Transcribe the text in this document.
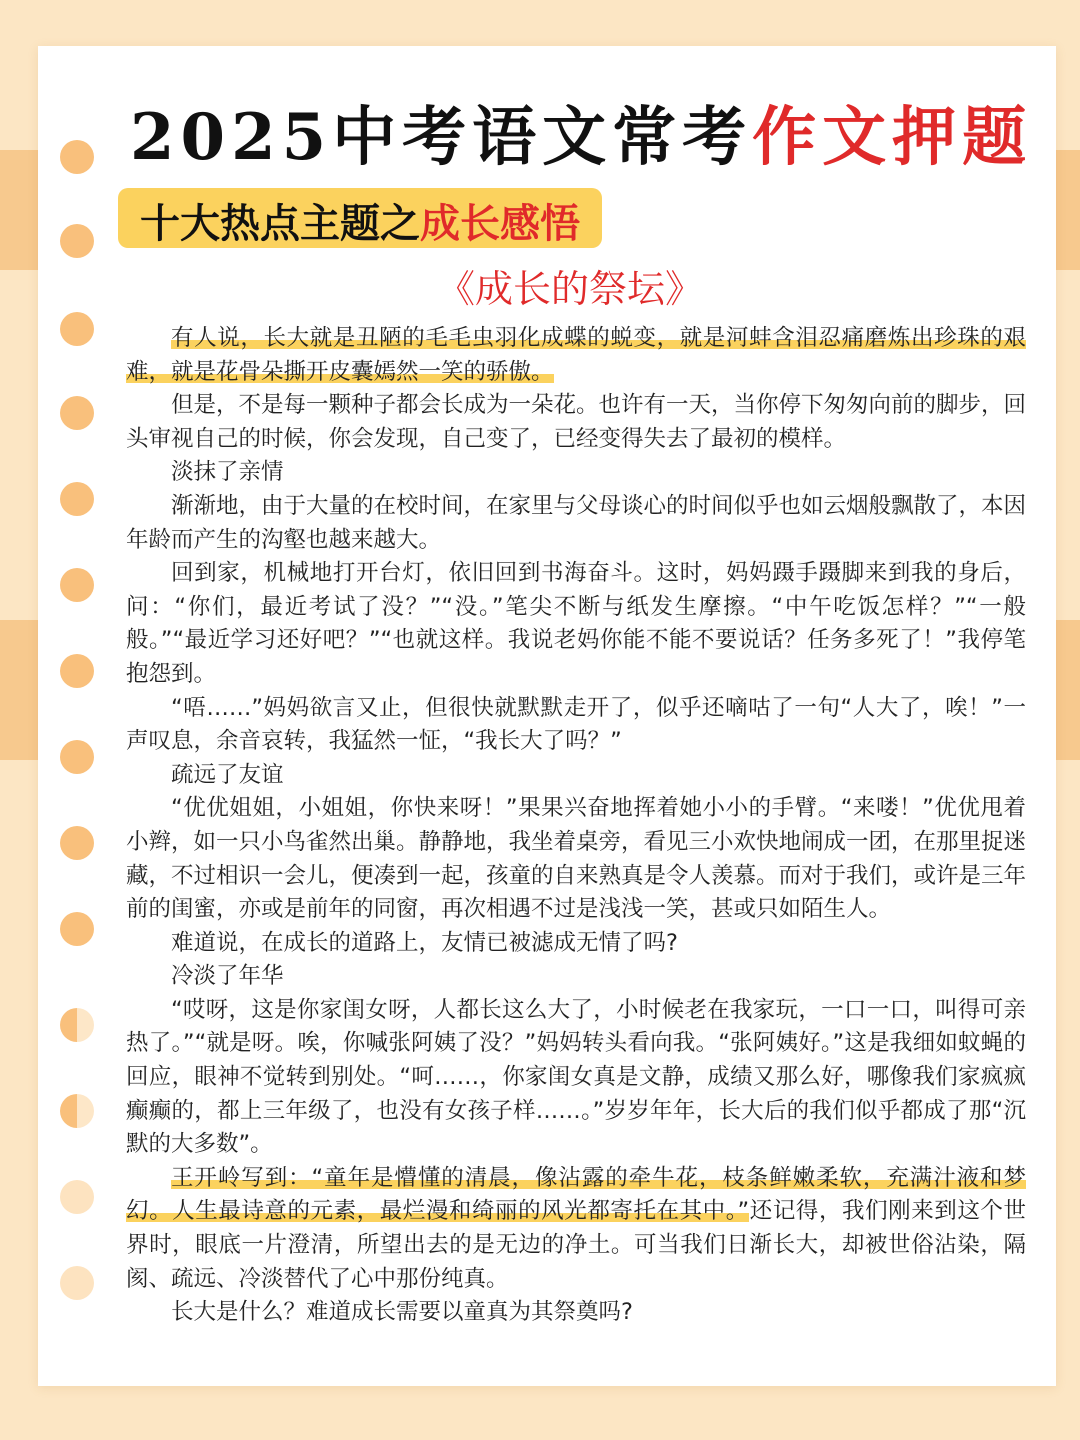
2025中考语文常考作文押题
十大热点主题之成长感悟
《成长的祭坛》

有人说，长大就是丑陋的毛毛虫羽化成蝶的蜕变，就是河蚌含泪忍痛磨炼出珍珠的艰难，就是花骨朵撕开皮囊嫣然一笑的骄傲。

但是，不是每一颗种子都会长成为一朵花。也许有一天，当你停下匆匆向前的脚步，回头审视自己的时候，你会发现，自己变了，已经变得失去了最初的模样。

淡抹了亲情

渐渐地，由于大量的在校时间，在家里与父母谈心的时间似乎也如云烟般飘散了，本因年龄而产生的沟壑也越来越大。

回到家，机械地打开台灯，依旧回到书海奋斗。这时，妈妈蹑手蹑脚来到我的身后，问：“你们，最近考试了没？”“没。”笔尖不断与纸发生摩擦。“中午吃饭怎样？”“一般般。”“最近学习还好吧？”“也就这样。我说老妈你能不能不要说话？任务多死了！”我停笔抱怨到。

“唔……”妈妈欲言又止，但很快就默默走开了，似乎还嘀咕了一句“人大了，唉！”一声叹息，余音哀转，我猛然一怔，“我长大了吗？”

疏远了友谊

“优优姐姐，小姐姐，你快来呀！”果果兴奋地挥着她小小的手臂。“来喽！”优优甩着小辫，如一只小鸟雀然出巢。静静地，我坐着桌旁，看见三小欢快地闹成一团，在那里捉迷藏，不过相识一会儿，便凑到一起，孩童的自来熟真是令人羡慕。而对于我们，或许是三年前的闺蜜，亦或是前年的同窗，再次相遇不过是浅浅一笑，甚或只如陌生人。

难道说，在成长的道路上，友情已被滤成无情了吗?

冷淡了年华

“哎呀，这是你家闺女呀，人都长这么大了，小时候老在我家玩，一口一口，叫得可亲热了。”“就是呀。唉，你喊张阿姨了没？”妈妈转头看向我。“张阿姨好。”这是我细如蚊蝇的回应，眼神不觉转到别处。“呵……，你家闺女真是文静，成绩又那么好，哪像我们家疯疯癫癫的，都上三年级了，也没有女孩子样……。”岁岁年年，长大后的我们似乎都成了那“沉默的大多数”。

王开岭写到：“童年是懵懂的清晨，像沾露的牵牛花，枝条鲜嫩柔软，充满汁液和梦幻。人生最诗意的元素，最烂漫和绮丽的风光都寄托在其中。”还记得，我们刚来到这个世界时，眼底一片澄清，所望出去的是无边的净土。可当我们日渐长大，却被世俗沾染，隔阂、疏远、冷淡替代了心中那份纯真。

长大是什么？难道成长需要以童真为其祭奠吗?
